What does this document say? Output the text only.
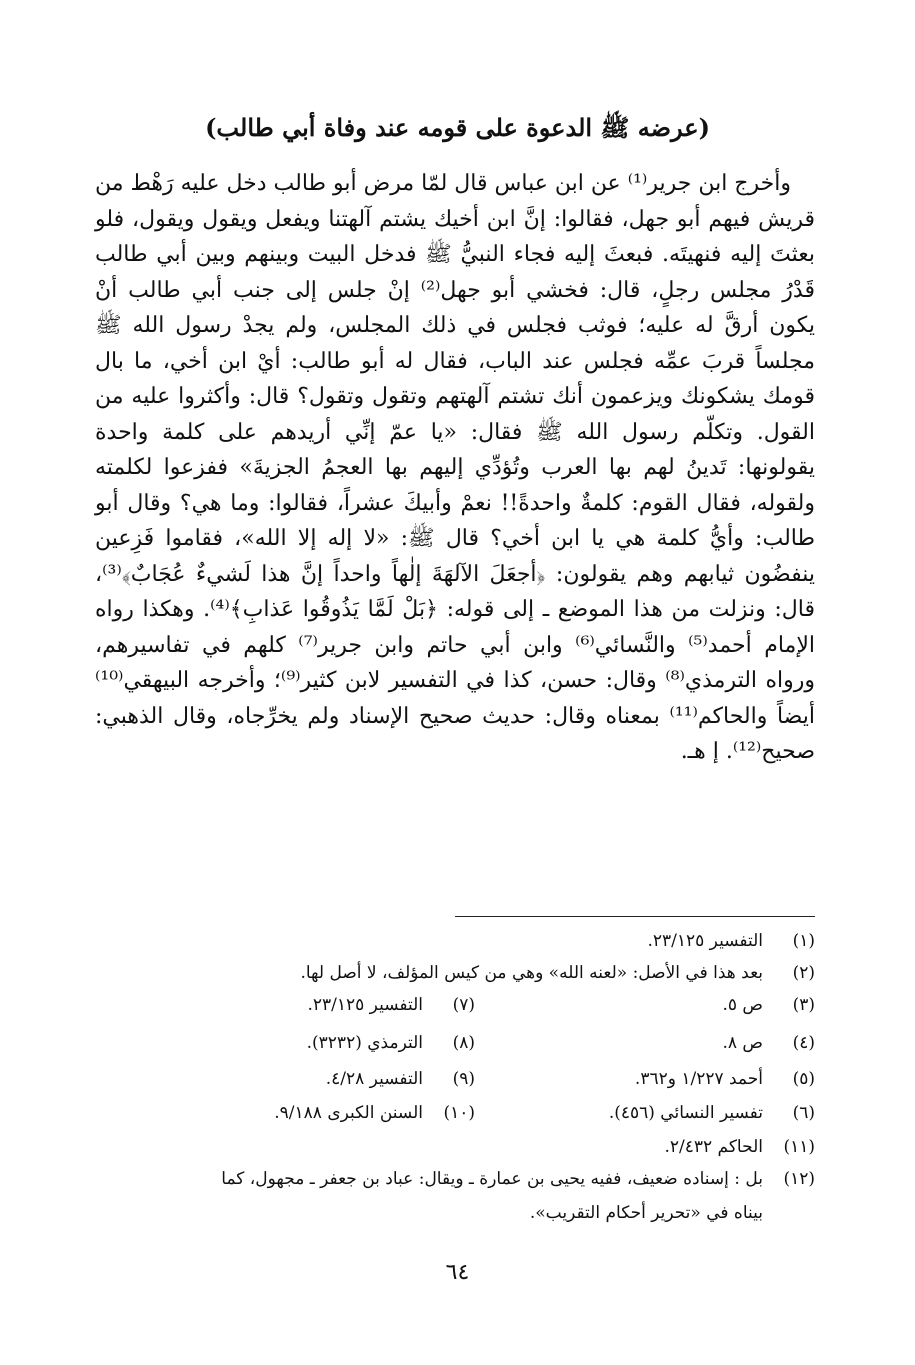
(عرضه ﷺ الدعوة على قومه عند وفاة أبي طالب)

وأخرج ابن جرير⁽¹⁾ عن ابن عباس قال لمّا مرض أبو طالب دخل عليه رَهْط من قريش فيهم أبو جهل، فقالوا: إنَّ ابن أخيك يشتم آلهتنا ويفعل ويقول ويقول، فلو بعثتَ إليه فنهيتَه. فبعثَ إليه فجاء النبيُّ ﷺ فدخل البيت وبينهم وبين أبي طالب قَدْرُ مجلس رجلٍ، قال: فخشي أبو جهل⁽²⁾ إنْ جلس إلى جنب أبي طالب أنْ يكون أرقَّ له عليه؛ فوثب فجلس في ذلك المجلس، ولم يجدْ رسول الله ﷺ مجلساً قربَ عمِّه فجلس عند الباب، فقال له أبو طالب: أيْ ابن أخي، ما بال قومك يشكونك ويزعمون أنك تشتم آلهتهم وتقول وتقول؟ قال: وأكثروا عليه من القول. وتكلّم رسول الله ﷺ فقال: «يا عمّ إنِّي أريدهم على كلمة واحدة يقولونها: تَدينُ لهم بها العرب وتُؤدِّي إليهم بها العجمُ الجزيةَ» ففزعوا لكلمته ولقوله، فقال القوم: كلمةٌ واحدةً!! نعمْ وأبيكَ عشراً، فقالوا: وما هي؟ وقال أبو طالب: وأيُّ كلمة هي يا ابن أخي؟ قال ﷺ: «لا إله إلا الله»، فقاموا فَزِعين ينفضُون ثيابهم وهم يقولون: ﴿أجعَلَ الآلهَةَ إلٰهاً واحداً إنَّ هذا لَشيءٌ عُجَابٌ﴾⁽³⁾، قال: ونزلت من هذا الموضع ـ إلى قوله: ﴿بَلْ لَمَّا يَذُوقُوا عَذابِ﴾⁽⁴⁾. وهكذا رواه الإمام أحمد⁽⁵⁾ والنَّسائي⁽⁶⁾ وابن أبي حاتم وابن جرير⁽⁷⁾ كلهم في تفاسيرهم، ورواه الترمذي⁽⁸⁾ وقال: حسن، كذا في التفسير لابن كثير⁽⁹⁾؛ وأخرجه البيهقي⁽¹⁰⁾ أيضاً والحاكم⁽¹¹⁾ بمعناه وقال: حديث صحيح الإسناد ولم يخرِّجاه، وقال الذهبي: صحيح⁽¹²⁾. إ هـ.

(١)
التفسير ٢٣/١٢٥.
(٢)
بعد هذا في الأصل: «لعنه الله» وهي من كيس المؤلف، لا أصل لها.
(٣)
ص ٥.
(٧)
التفسير ٢٣/١٢٥.
(٤)
ص ٨.
(٨)
الترمذي (٣٢٣٢).
(٥)
أحمد ١/٢٢٧ و٣٦٢.
(٩)
التفسير ٤/٢٨.
(٦)
تفسير النسائي (٤٥٦).
(١٠)
السنن الكبرى ٩/١٨٨.
(١١)
الحاكم ٢/٤٣٢.
(١٢)
بل : إسناده ضعيف، ففيه يحيى بن عمارة ـ ويقال: عباد بن جعفر ـ مجهول، كما
بيناه في «تحرير أحكام التقريب».
٦٤
